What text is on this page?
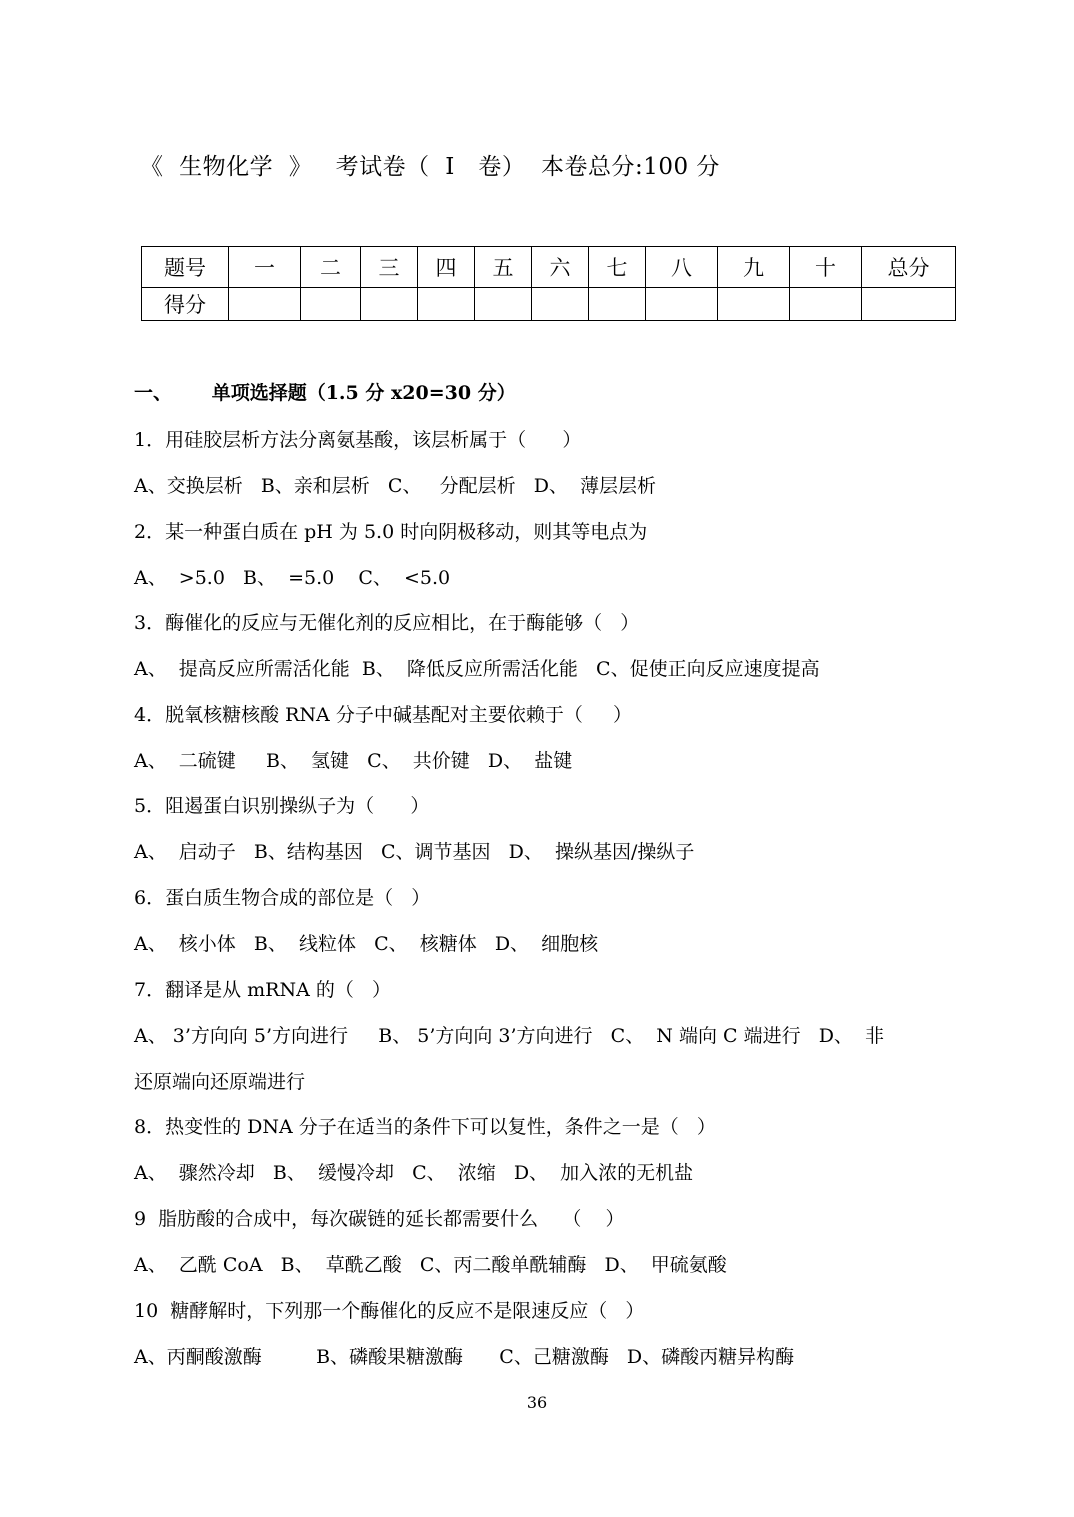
《  生物化学  》   考试卷（  Ⅰ   卷）  本卷总分:100 分
题号	一	二	三	四	五	六	七	八	九	十	总分
得分											
一、      单项选择题（1.5 分 x20=30 分）
1．用硅胶层析方法分离氨基酸，该层析属于（      ）
A、交换层析   B、亲和层析   C、   分配层析   D、  薄层层析
2．某一种蛋白质在 pH 为 5.0 时向阴极移动，则其等电点为
A、  >5.0   B、  =5.0    C、  <5.0
3．酶催化的反应与无催化剂的反应相比，在于酶能够（   ）
A、  提高反应所需活化能  B、  降低反应所需活化能   C、促使正向反应速度提高
4．脱氧核糖核酸 RNA 分子中碱基配对主要依赖于（     ）
A、  二硫键     B、  氢键   C、  共价键   D、  盐键
5．阻遏蛋白识别操纵子为（      ）
A、  启动子   B、结构基因   C、调节基因   D、  操纵基因/操纵子
6．蛋白质生物合成的部位是（   ）
A、  核小体   B、  线粒体   C、  核糖体   D、  细胞核
7．翻译是从 mRNA 的（   ）
A、 3’方向向 5’方向进行     B、 5’方向向 3’方向进行   C、  N 端向 C 端进行   D、  非
还原端向还原端进行
8．热变性的 DNA 分子在适当的条件下可以复性，条件之一是（   ）
A、  骤然冷却   B、  缓慢冷却   C、  浓缩   D、  加入浓的无机盐
9  脂肪酸的合成中，每次碳链的延长都需要什么    （    ）
A、  乙酰 CoA   B、  草酰乙酸   C、丙二酸单酰辅酶   D、  甲硫氨酸
10  糖酵解时，下列那一个酶催化的反应不是限速反应（   ）
A、丙酮酸激酶         B、磷酸果糖激酶      C、己糖激酶   D、磷酸丙糖异构酶
36
